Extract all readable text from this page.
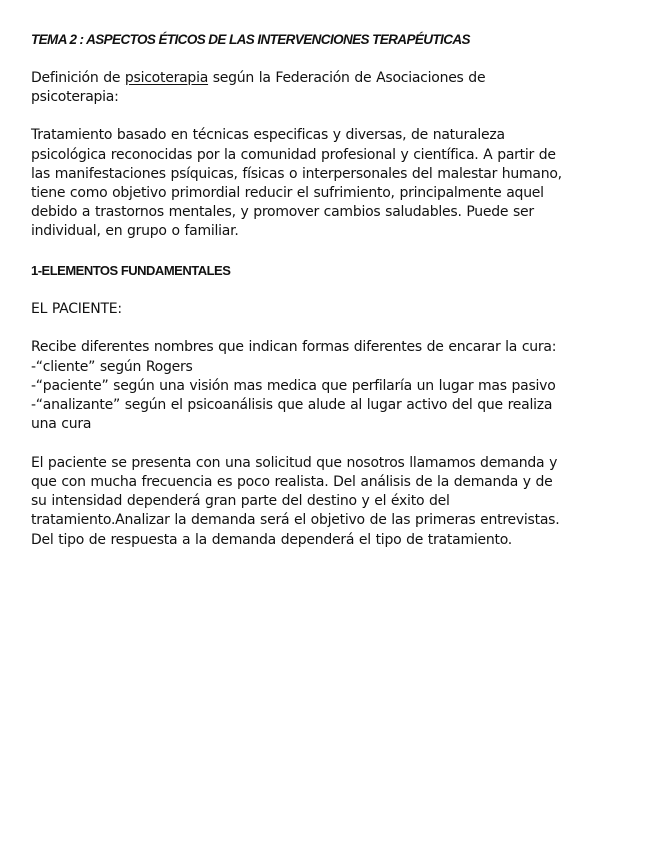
TEMA 2 : ASPECTOS ÉTICOS DE LAS INTERVENCIONES TERAPÉUTICAS

Definición de psicoterapia según la Federación de Asociaciones de
psicoterapia:

Tratamiento basado en técnicas especificas y diversas, de naturaleza
psicológica reconocidas por la comunidad profesional y científica. A partir de
las manifestaciones psíquicas, físicas o interpersonales del malestar humano,
tiene como objetivo primordial reducir el sufrimiento, principalmente aquel
debido a trastornos mentales, y promover cambios saludables. Puede ser
individual, en grupo o familiar.

1-ELEMENTOS FUNDAMENTALES

EL PACIENTE:

Recibe diferentes nombres que indican formas diferentes de encarar la cura:
-“cliente” según Rogers
-“paciente” según una visión mas medica que perfilaría un lugar mas pasivo
-“analizante” según el psicoanálisis que alude al lugar activo del que realiza
una cura

El paciente se presenta con una solicitud que nosotros llamamos demanda y
que con mucha frecuencia es poco realista. Del análisis de la demanda y de
su intensidad dependerá gran parte del destino y el éxito del
tratamiento.Analizar la demanda será el objetivo de las primeras entrevistas.
Del tipo de respuesta a la demanda dependerá el tipo de tratamiento.
